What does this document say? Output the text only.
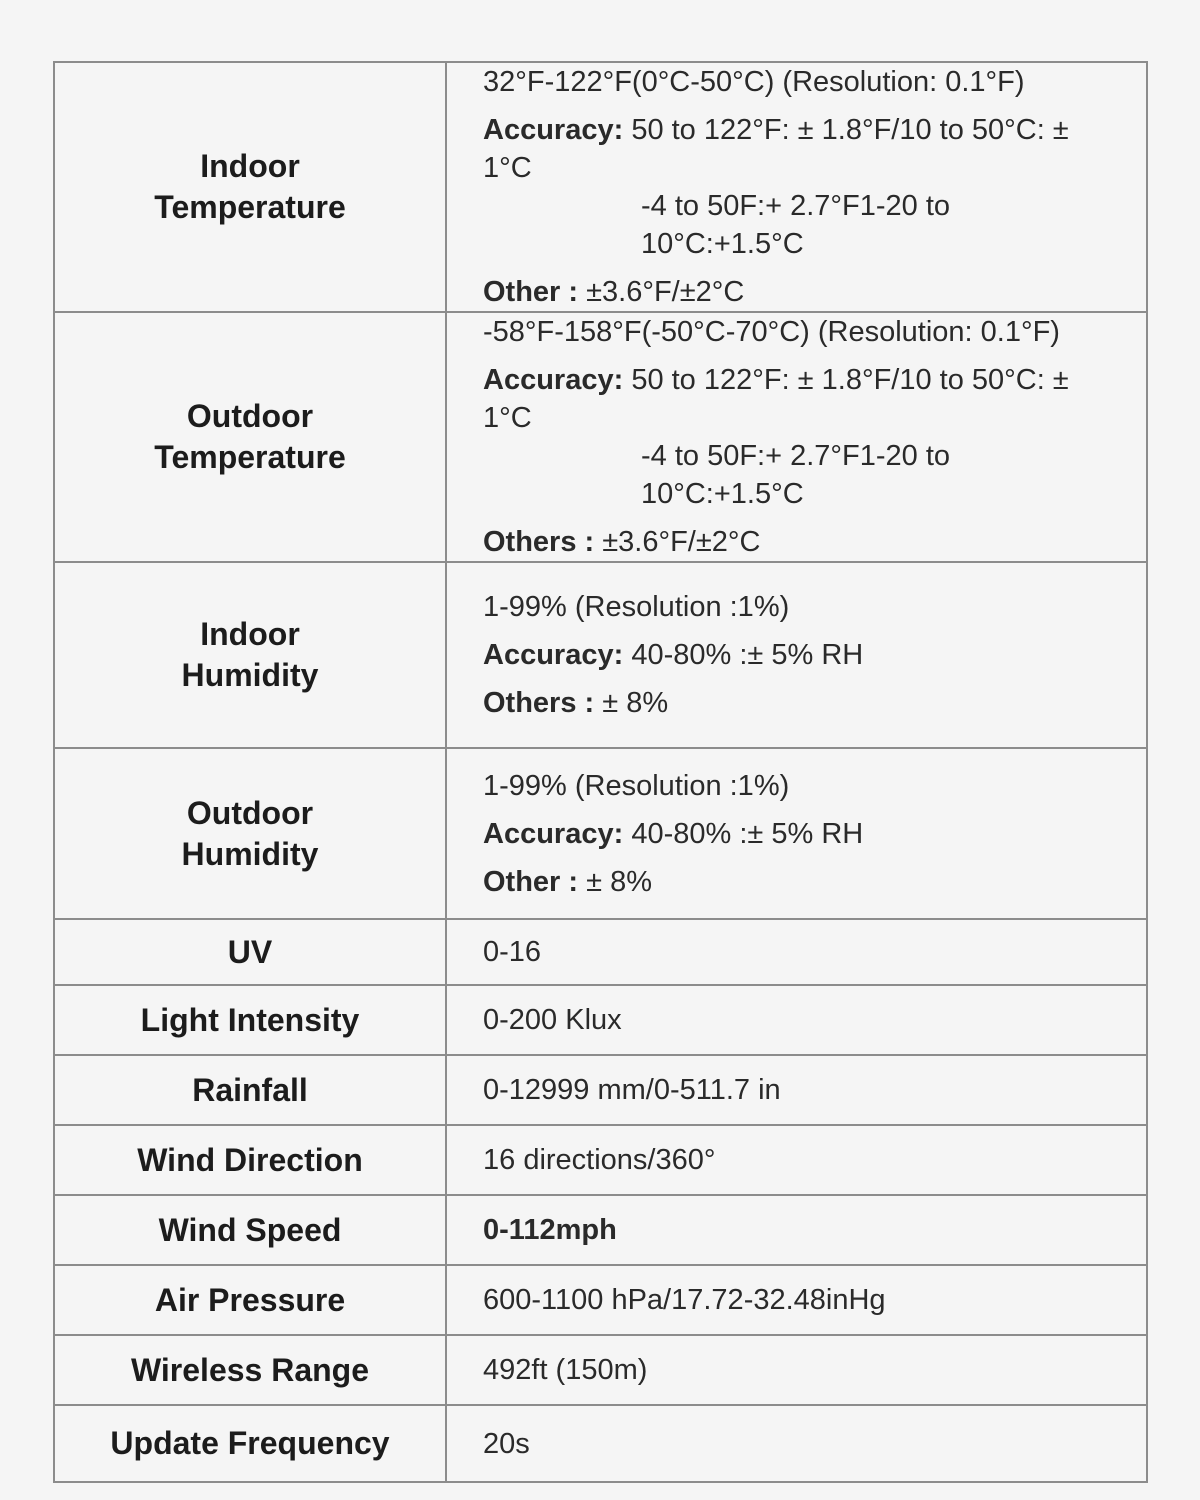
Indoor
Temperature	32°F-122°F(0°C-50°C) (Resolution: 0.1°F)
Accuracy: 50 to 122°F: ± 1.8°F/10 to 50°C: ± 1°C
-4 to 50F:+ 2.7°F1-20 to 10°C:+1.5°C
Other : ±3.6°F/±2°C

Outdoor
Temperature	-58°F-158°F(-50°C-70°C) (Resolution: 0.1°F)
Accuracy: 50 to 122°F: ± 1.8°F/10 to 50°C: ± 1°C
-4 to 50F:+ 2.7°F1-20 to 10°C:+1.5°C
Others : ±3.6°F/±2°C

Indoor
Humidity	1-99% (Resolution :1%)
Accuracy: 40-80% :± 5% RH
Others : ± 8%

Outdoor
Humidity	1-99% (Resolution :1%)
Accuracy: 40-80% :± 5% RH
Other : ± 8%

UV	0-16
Light Intensity	0-200 Klux
Rainfall	0-12999 mm/0-511.7 in
Wind Direction	16 directions/360°
Wind Speed	0-112mph
Air Pressure	600-1100 hPa/17.72-32.48inHg
Wireless Range	492ft (150m)
Update Frequency	20s
